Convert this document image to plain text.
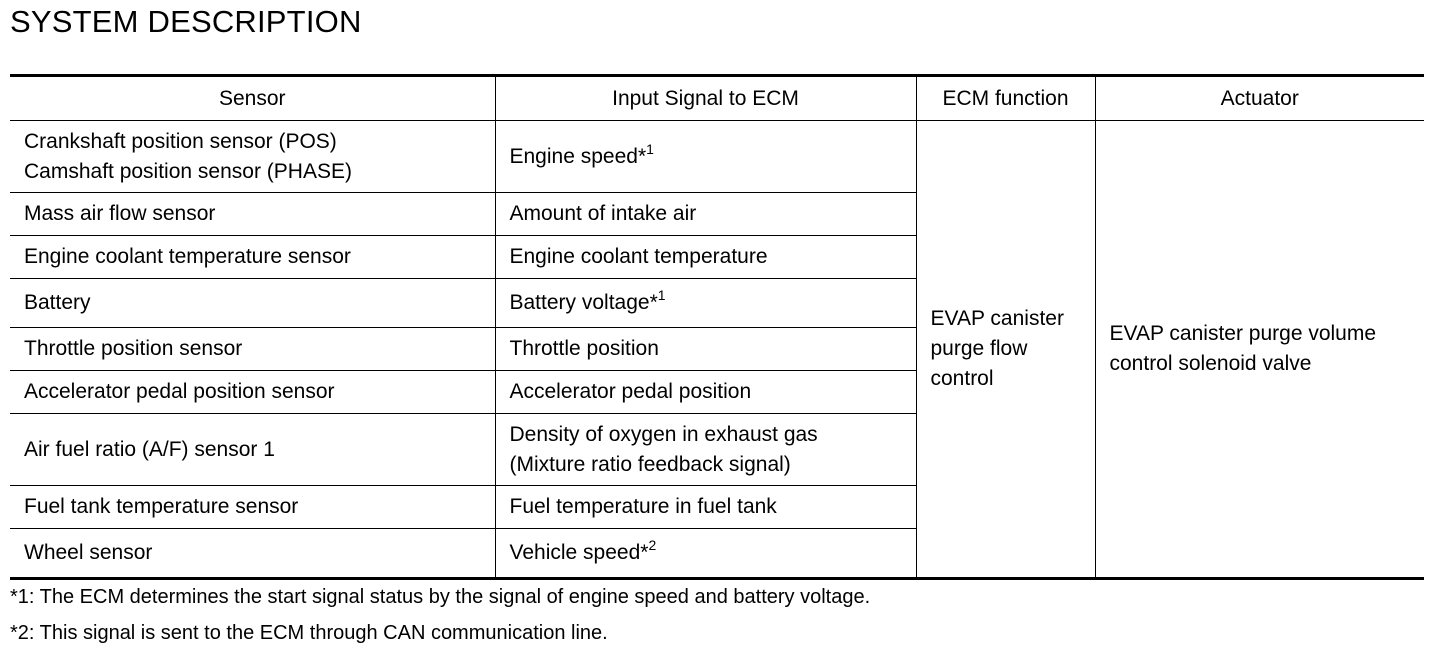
SYSTEM DESCRIPTION
Sensor	Input Signal to ECM	ECM function	Actuator

Crankshaft position sensor (POS)
Camshaft position sensor (PHASE)	Engine speed*$^1$	EVAP canister purge flow control	EVAP canister purge volume control solenoid valve
Mass air flow sensor	Amount of intake air		
Engine coolant temperature sensor	Engine coolant temperature		
Battery	Battery voltage*$^1$
Throttle position sensor	Throttle position		
Accelerator pedal position sensor	Accelerator pedal position		
Air fuel ratio (A/F) sensor 1	Density of oxygen in exhaust gas
(Mixture ratio feedback signal)		

Fuel tank temperature sensor	Fuel temperature in fuel tank		
Wheel sensor	Vehicle speed*$^2$

*1: The ECM determines the start signal status by the signal of engine speed and battery voltage.

*2: This signal is sent to the ECM through CAN communication line.
